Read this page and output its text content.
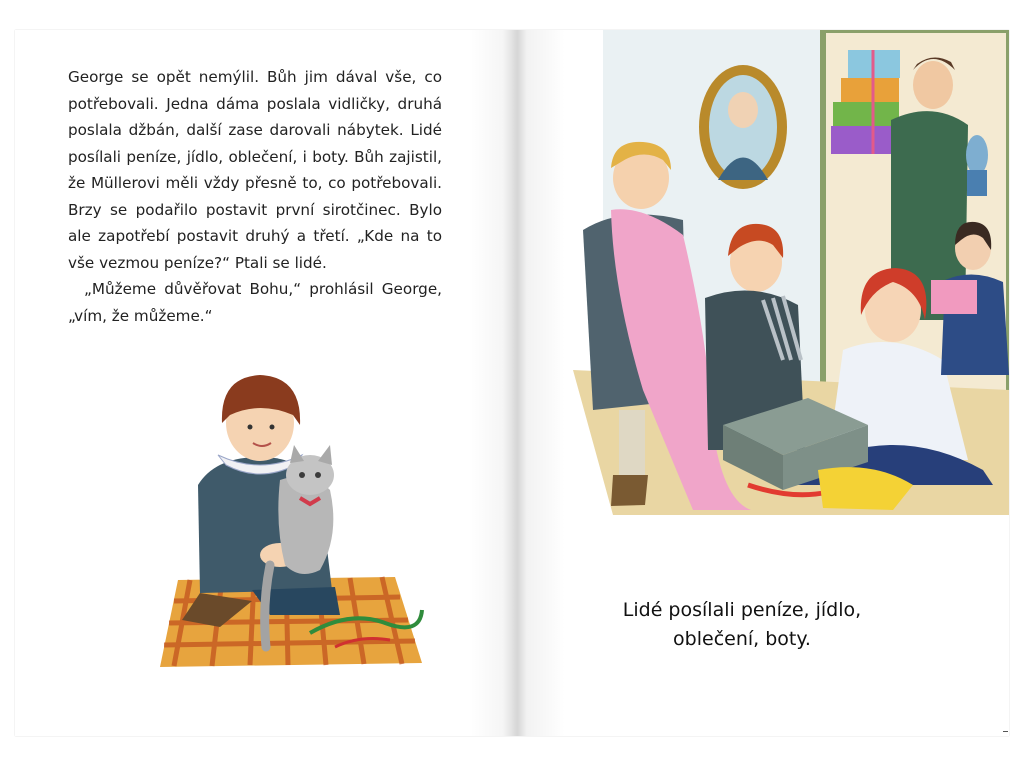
George se opět nemýlil. Bůh jim dával vše, co potřebovali. Jedna dáma poslala vidličky, druhá poslala džbán, další zase darovali nábytek. Lidé posílali peníze, jídlo, oblečení, i boty. Bůh zajistil, že Müllerovi měli vždy přesně to, co potřebovali. Brzy se podařilo postavit první sirotčinec. Bylo ale zapotřebí postavit druhý a třetí. „Kde na to vše vezmou peníze?“ Ptali se lidé.

„Můžeme důvěřovat Bohu,“ prohlásil George, „vím, že můžeme.“

Lidé posílali peníze, jídlo,
oblečení, boty.
